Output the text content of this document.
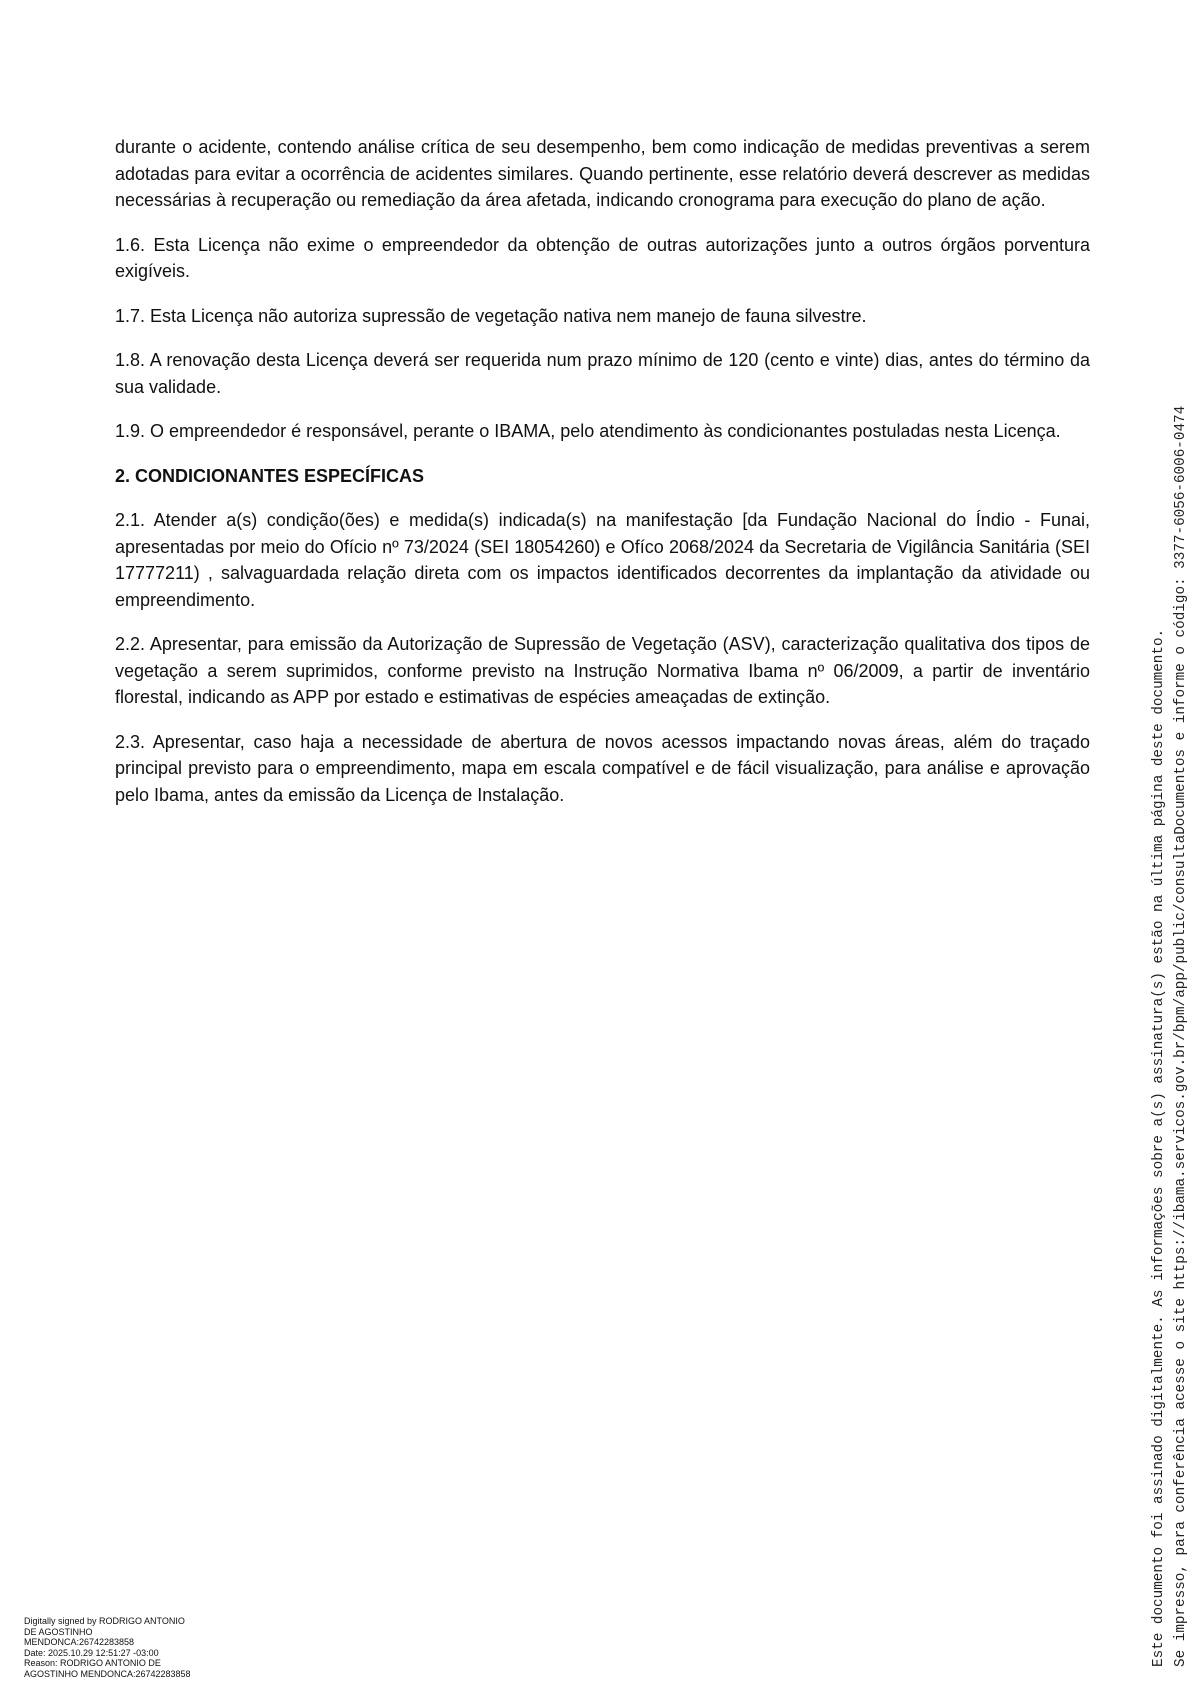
durante o acidente, contendo análise crítica de seu desempenho, bem como indicação de medidas preventivas a serem adotadas para evitar a ocorrência de acidentes similares. Quando pertinente, esse relatório deverá descrever as medidas necessárias à recuperação ou remediação da área afetada, indicando cronograma para execução do plano de ação.

1.6. Esta Licença não exime o empreendedor da obtenção de outras autorizações junto a outros órgãos porventura exigíveis.

1.7. Esta Licença não autoriza supressão de vegetação nativa nem manejo de fauna silvestre.

1.8. A renovação desta Licença deverá ser requerida num prazo mínimo de 120 (cento e vinte) dias, antes do término da sua validade.

1.9. O empreendedor é responsável, perante o IBAMA, pelo atendimento às condicionantes postuladas nesta Licença.

2. CONDICIONANTES ESPECÍFICAS

2.1. Atender a(s) condição(ões) e medida(s) indicada(s) na manifestação [da Fundação Nacional do Índio - Funai, apresentadas por meio do Ofício nº 73/2024 (SEI 18054260) e Ofíco 2068/2024 da Secretaria de Vigilância Sanitária (SEI 17777211) , salvaguardada relação direta com os impactos identificados decorrentes da implantação da atividade ou empreendimento.

2.2. Apresentar, para emissão da Autorização de Supressão de Vegetação (ASV), caracterização qualitativa dos tipos de vegetação a serem suprimidos, conforme previsto na Instrução Normativa Ibama nº 06/2009, a partir de inventário florestal, indicando as APP por estado e estimativas de espécies ameaçadas de extinção.

2.3. Apresentar, caso haja a necessidade de abertura de novos acessos impactando novas áreas, além do traçado principal previsto para o empreendimento, mapa em escala compatível e de fácil visualização, para análise e aprovação pelo Ibama, antes da emissão da Licença de Instalação.	Este documento foi assinado digitalmente. As informações sobre a(s) assinatura(s) estão na última página deste documento. Se impresso, para conferência acesse o site https://ibama.servicos.gov.br/bpm/app/public/consultaDocumentos e informe o código: 3377-6056-6006-0474
Digitally signed by RODRIGO ANTONIO
DE AGOSTINHO
MENDONCA:26742283858
Date: 2025.10.29 12:51:27 -03:00
Reason: RODRIGO ANTONIO DE
AGOSTINHO MENDONCA:26742283858
